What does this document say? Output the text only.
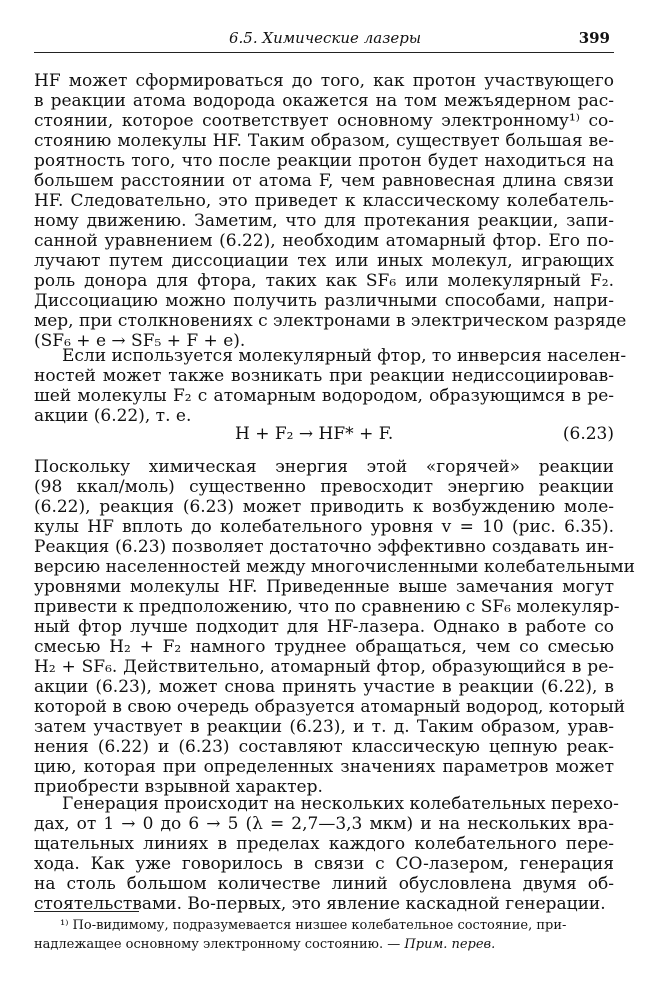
6.5. Химические лазеры	399
HF может сформироваться до того, как протон участвующего
в реакции атома водорода окажется на том межъядерном рас-
стоянии, которое соответствует основному электронному¹⁾ со-
стоянию молекулы HF. Таким образом, существует большая ве-
роятность того, что после реакции протон будет находиться на
большем расстоянии от атома F, чем равновесная длина связи
HF. Следовательно, это приведет к классическому колебатель-
ному движению. Заметим, что для протекания реакции, запи-
санной уравнением (6.22), необходим атомарный фтор. Его по-
лучают путем диссоциации тех или иных молекул, играющих
роль донора для фтора, таких как SF₆ или молекулярный F₂.
Диссоциацию можно получить различными способами, напри-
мер, при столкновениях с электронами в электрическом разряде
(SF₆ + e → SF₅ + F + e).
Если используется молекулярный фтор, то инверсия населен-
ностей может также возникать при реакции недиссоциировав-
шей молекулы F₂ с атомарным водородом, образующимся в ре-
акции (6.22), т. е.
H + F₂ → HF* + F.	(6.23)
Поскольку химическая энергия этой «горячей» реакции
(98 ккал/моль) существенно превосходит энергию реакции
(6.22), реакция (6.23) может приводить к возбуждению моле-
кулы HF вплоть до колебательного уровня v = 10 (рис. 6.35).
Реакция (6.23) позволяет достаточно эффективно создавать ин-
версию населенностей между многочисленными колебательными
уровнями молекулы HF. Приведенные выше замечания могут
привести к предположению, что по сравнению с SF₆ молекуляр-
ный фтор лучше подходит для HF-лазера. Однако в работе со
смесью H₂ + F₂ намного труднее обращаться, чем со смесью
H₂ + SF₆. Действительно, атомарный фтор, образующийся в ре-
акции (6.23), может снова принять участие в реакции (6.22), в
которой в свою очередь образуется атомарный водород, который
затем участвует в реакции (6.23), и т. д. Таким образом, урав-
нения (6.22) и (6.23) составляют классическую цепную реак-
цию, которая при определенных значениях параметров может
приобрести взрывной характер.
Генерация происходит на нескольких колебательных перехо-
дах, от 1 → 0 до 6 → 5 (λ = 2,7—3,3 мкм) и на нескольких вра-
щательных линиях в пределах каждого колебательного пере-
хода. Как уже говорилось в связи с CO-лазером, генерация
на столь большом количестве линий обусловлена двумя об-
стоятельствами. Во-первых, это явление каскадной генерации.
¹⁾ По-видимому, подразумевается низшее колебательное состояние, при-
надлежащее основному электронному состоянию. — Прим. перев.
